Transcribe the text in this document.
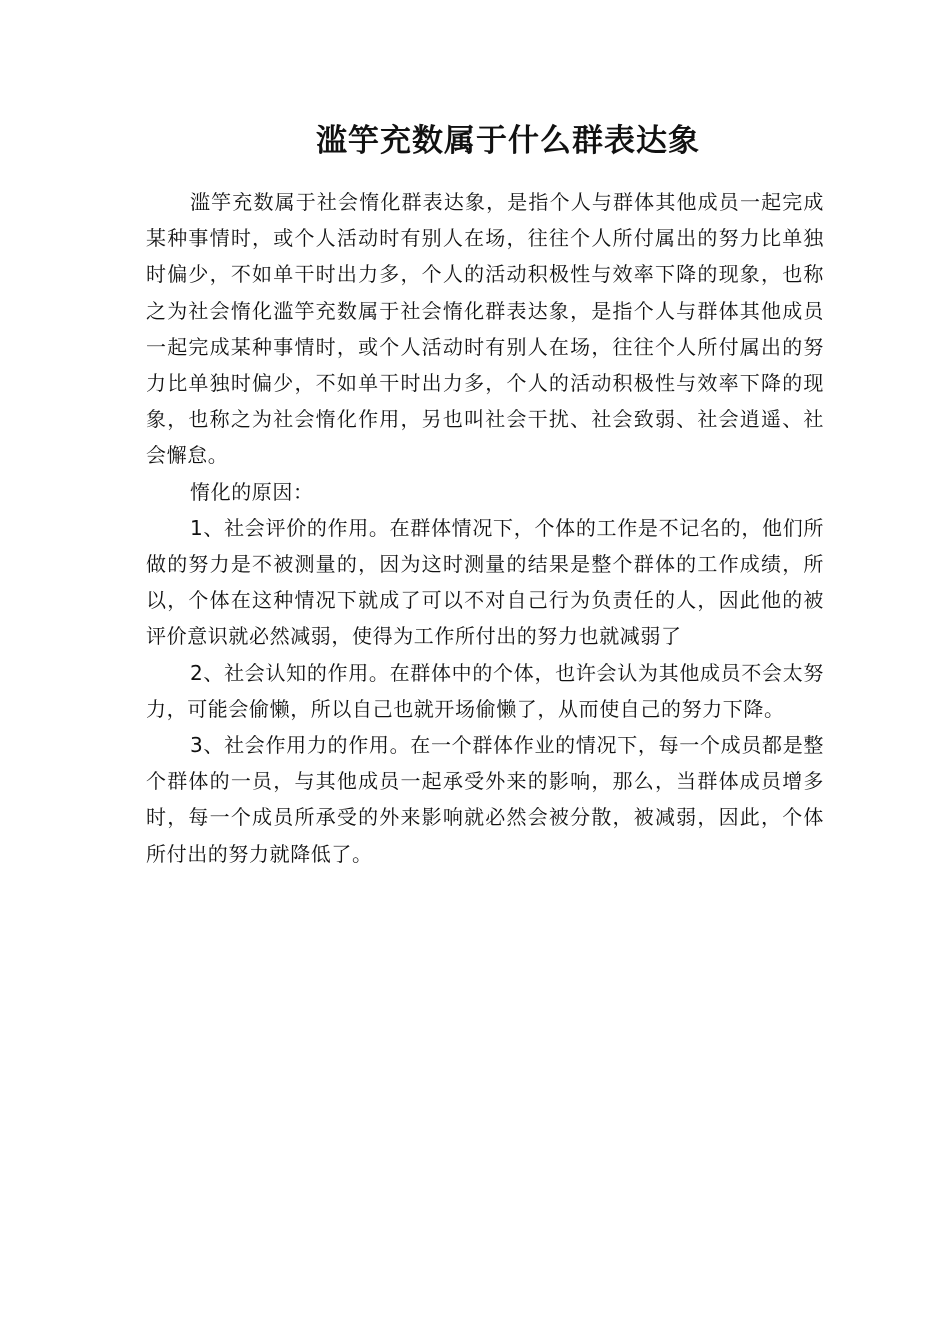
滥竽充数属于什么群表达象

滥竽充数属于社会惰化群表达象，是指个人与群体其他成员一起完成某种事情时，或个人活动时有别人在场，往往个人所付属出的努力比单独时偏少，不如单干时出力多，个人的活动积极性与效率下降的现象，也称之为社会惰化滥竽充数属于社会惰化群表达象，是指个人与群体其他成员一起完成某种事情时，或个人活动时有别人在场，往往个人所付属出的努力比单独时偏少，不如单干时出力多，个人的活动积极性与效率下降的现象，也称之为社会惰化作用，另也叫社会干扰、社会致弱、社会逍遥、社会懈怠。

惰化的原因：

1、社会评价的作用。在群体情况下，个体的工作是不记名的，他们所做的努力是不被测量的，因为这时测量的结果是整个群体的工作成绩，所以，个体在这种情况下就成了可以不对自己行为负责任的人，因此他的被评价意识就必然减弱，使得为工作所付出的努力也就减弱了

2、社会认知的作用。在群体中的个体，也许会认为其他成员不会太努力，可能会偷懒，所以自己也就开场偷懒了，从而使自己的努力下降。

3、社会作用力的作用。在一个群体作业的情况下，每一个成员都是整个群体的一员，与其他成员一起承受外来的影响，那么，当群体成员增多时，每一个成员所承受的外来影响就必然会被分散，被减弱，因此，个体所付出的努力就降低了。
